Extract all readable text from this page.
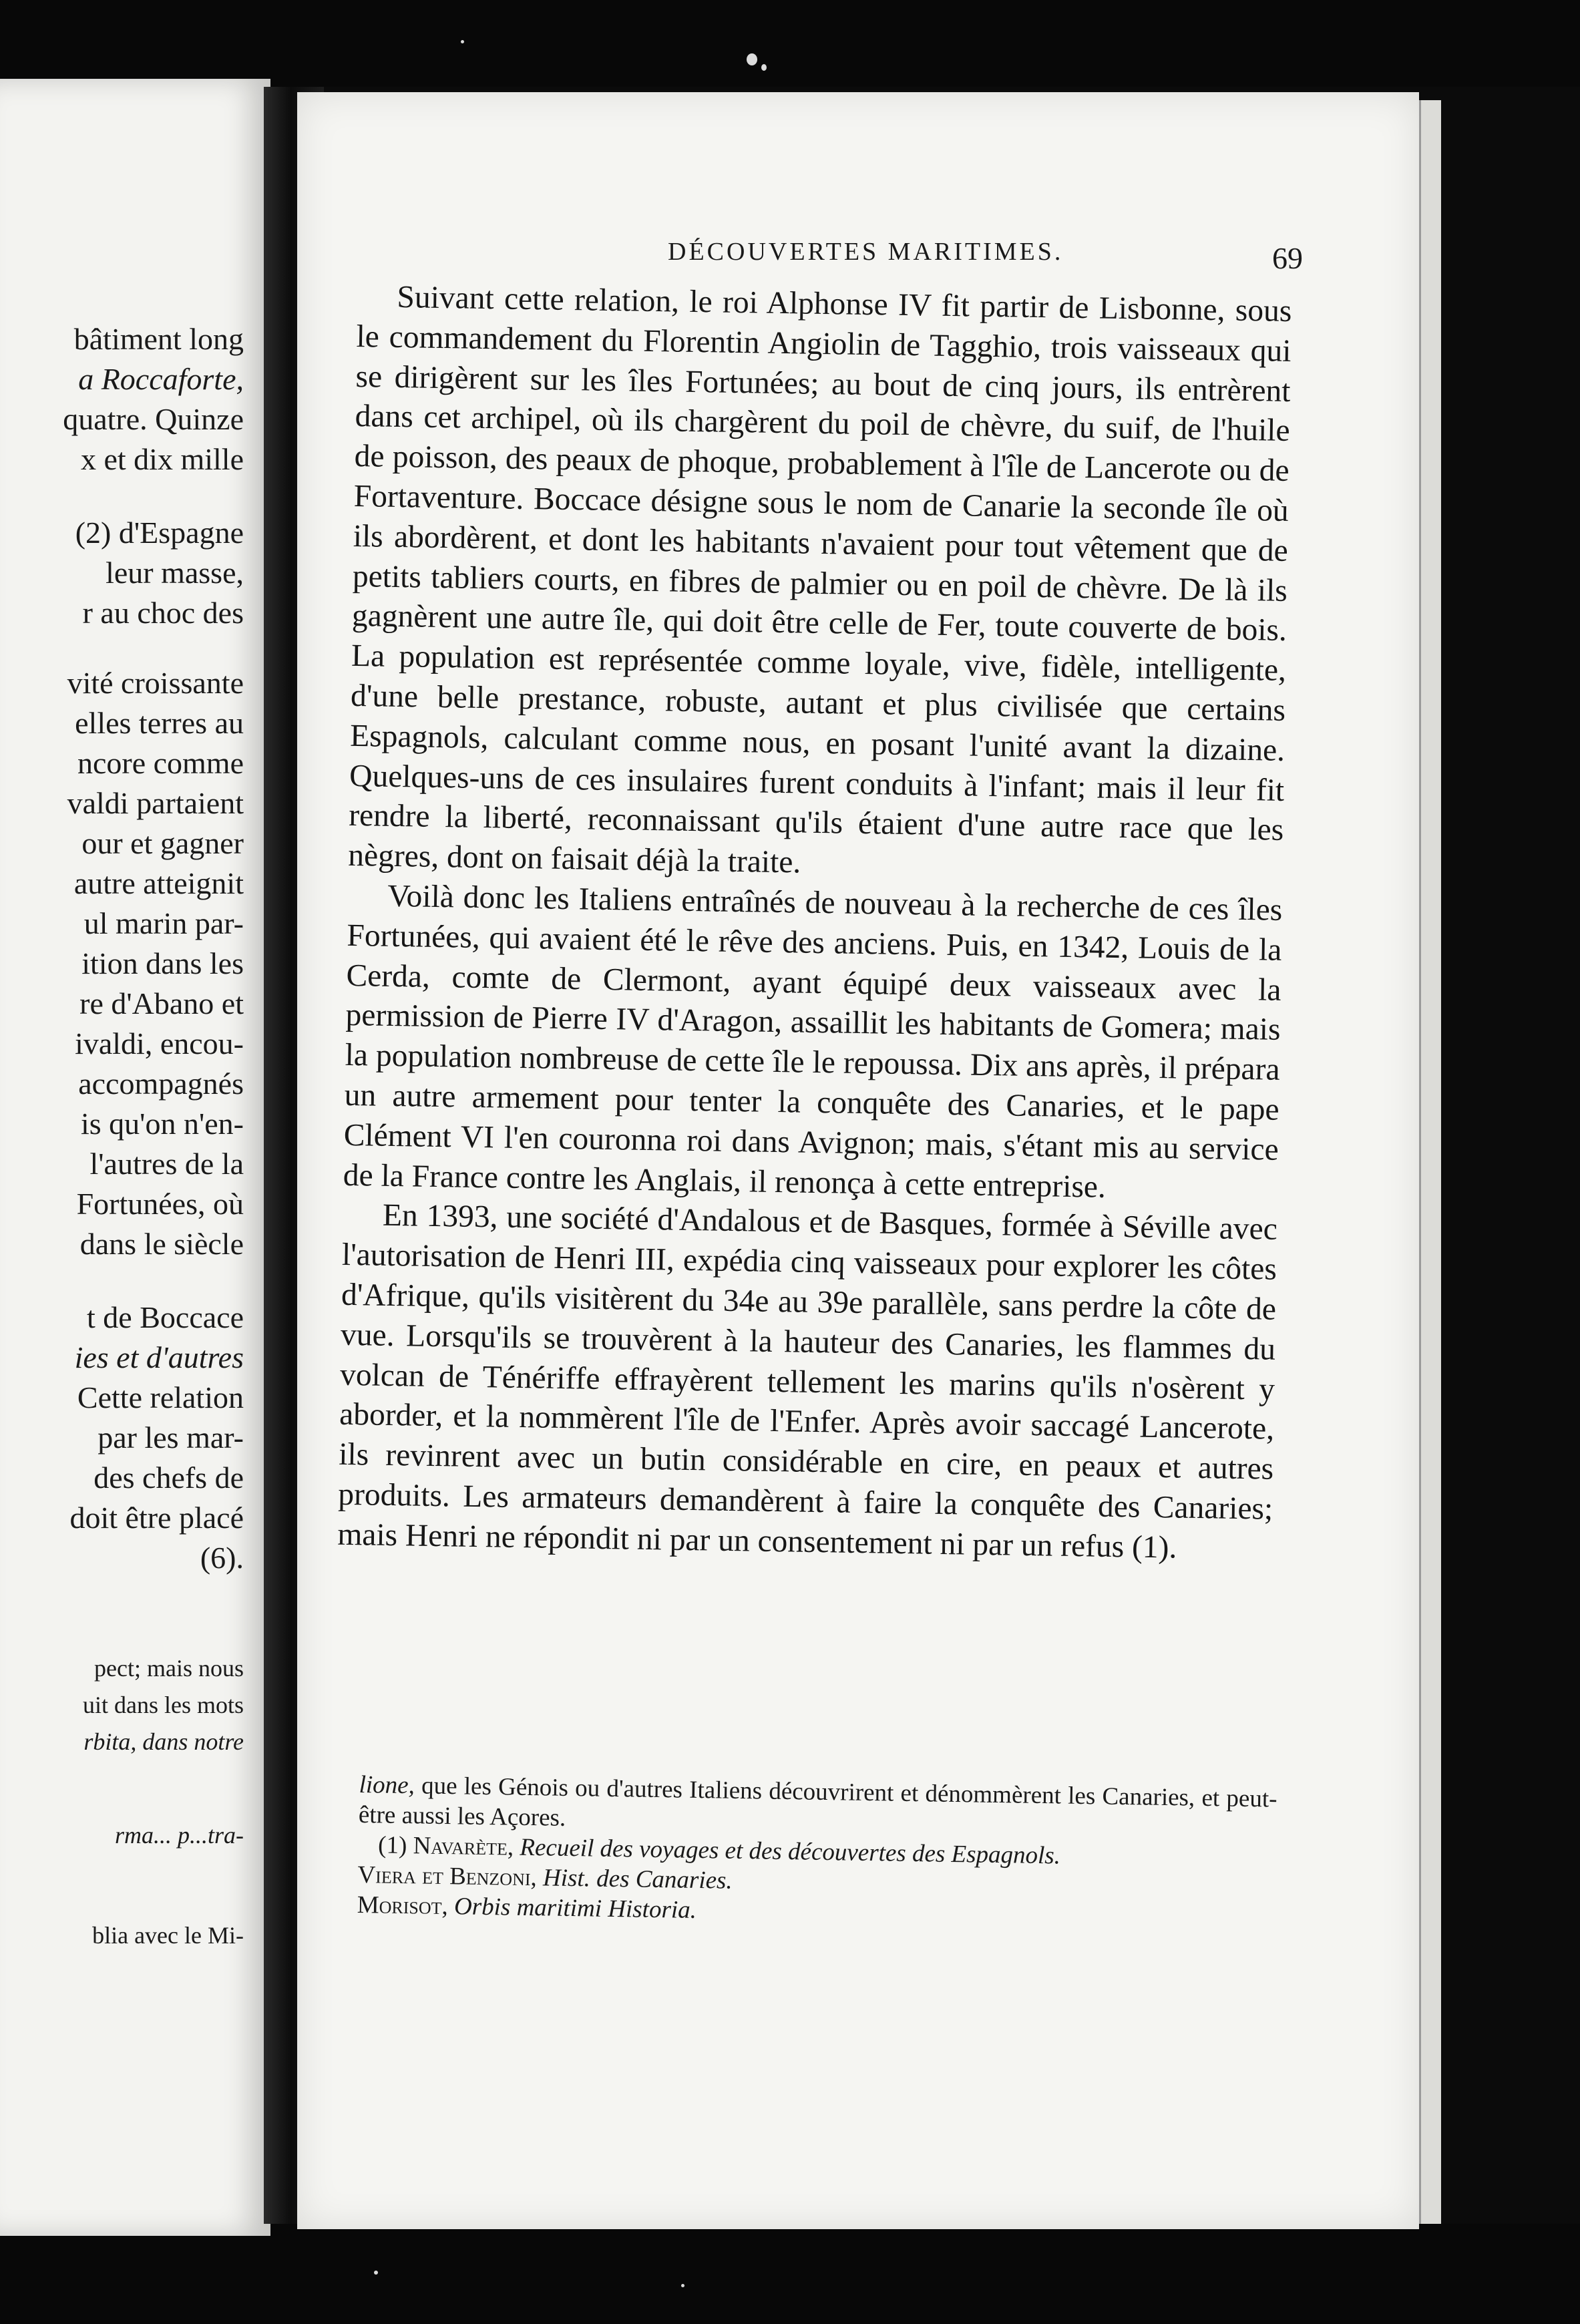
bâtiment long
a Roccaforte,
quatre. Quinze
x et dix mille
(2) d'Espagne
leur masse,
r au choc des
vité croissante
elles terres au
ncore comme
valdi partaient
our et gagner
autre atteignit
ul marin par-
ition dans les
re d'Abano et
ivaldi, encou-
accompagnés
is qu'on n'en-
l'autres de la
Fortunées, où
dans le siècle
t de Boccace
ies et d'autres
Cette relation
par les mar-
des chefs de
doit être placé
(6).
pect; mais nous
uit dans les mots
rbita, dans notre
rma... p...tra-
blia avec le Mi-
DÉCOUVERTES MARITIMES.	69

Suivant cette relation, le roi Alphonse IV fit partir de Lisbonne, sous le commandement du Florentin Angiolin de Tagghio, trois vaisseaux qui se dirigèrent sur les îles Fortunées; au bout de cinq jours, ils entrèrent dans cet archipel, où ils chargèrent du poil de chèvre, du suif, de l'huile de poisson, des peaux de phoque, probablement à l'île de Lancerote ou de Fortaventure. Boccace désigne sous le nom de Canarie la seconde île où ils abordèrent, et dont les habitants n'avaient pour tout vêtement que de petits tabliers courts, en fibres de palmier ou en poil de chèvre. De là ils gagnèrent une autre île, qui doit être celle de Fer, toute couverte de bois. La population est représentée comme loyale, vive, fidèle, intelligente, d'une belle prestance, robuste, autant et plus civilisée que certains Espagnols, calculant comme nous, en posant l'unité avant la dizaine. Quelques-uns de ces insulaires furent conduits à l'infant; mais il leur fit rendre la liberté, reconnaissant qu'ils étaient d'une autre race que les nègres, dont on faisait déjà la traite.

Voilà donc les Italiens entraînés de nouveau à la recherche de ces îles Fortunées, qui avaient été le rêve des anciens. Puis, en 1342, Louis de la Cerda, comte de Clermont, ayant équipé deux vaisseaux avec la permission de Pierre IV d'Aragon, assaillit les habitants de Gomera; mais la population nombreuse de cette île le repoussa. Dix ans après, il prépara un autre armement pour tenter la conquête des Canaries, et le pape Clément VI l'en couronna roi dans Avignon; mais, s'étant mis au service de la France contre les Anglais, il renonça à cette entreprise.

En 1393, une société d'Andalous et de Basques, formée à Séville avec l'autorisation de Henri III, expédia cinq vaisseaux pour explorer les côtes d'Afrique, qu'ils visitèrent du 34e au 39e parallèle, sans perdre la côte de vue. Lorsqu'ils se trouvèrent à la hauteur des Canaries, les flammes du volcan de Ténériffe effrayèrent tellement les marins qu'ils n'osèrent y aborder, et la nommèrent l'île de l'Enfer. Après avoir saccagé Lancerote, ils revinrent avec un butin considérable en cire, en peaux et autres produits. Les armateurs demandèrent à faire la conquête des Canaries; mais Henri ne répondit ni par un consentement ni par un refus (1).

lione, que les Génois ou d'autres Italiens découvrirent et dénommèrent les Canaries, et peut-être aussi les Açores.

(1) Navarète, Recueil des voyages et des découvertes des Espagnols.

Viera et Benzoni, Hist. des Canaries.

Morisot, Orbis maritimi Historia.
